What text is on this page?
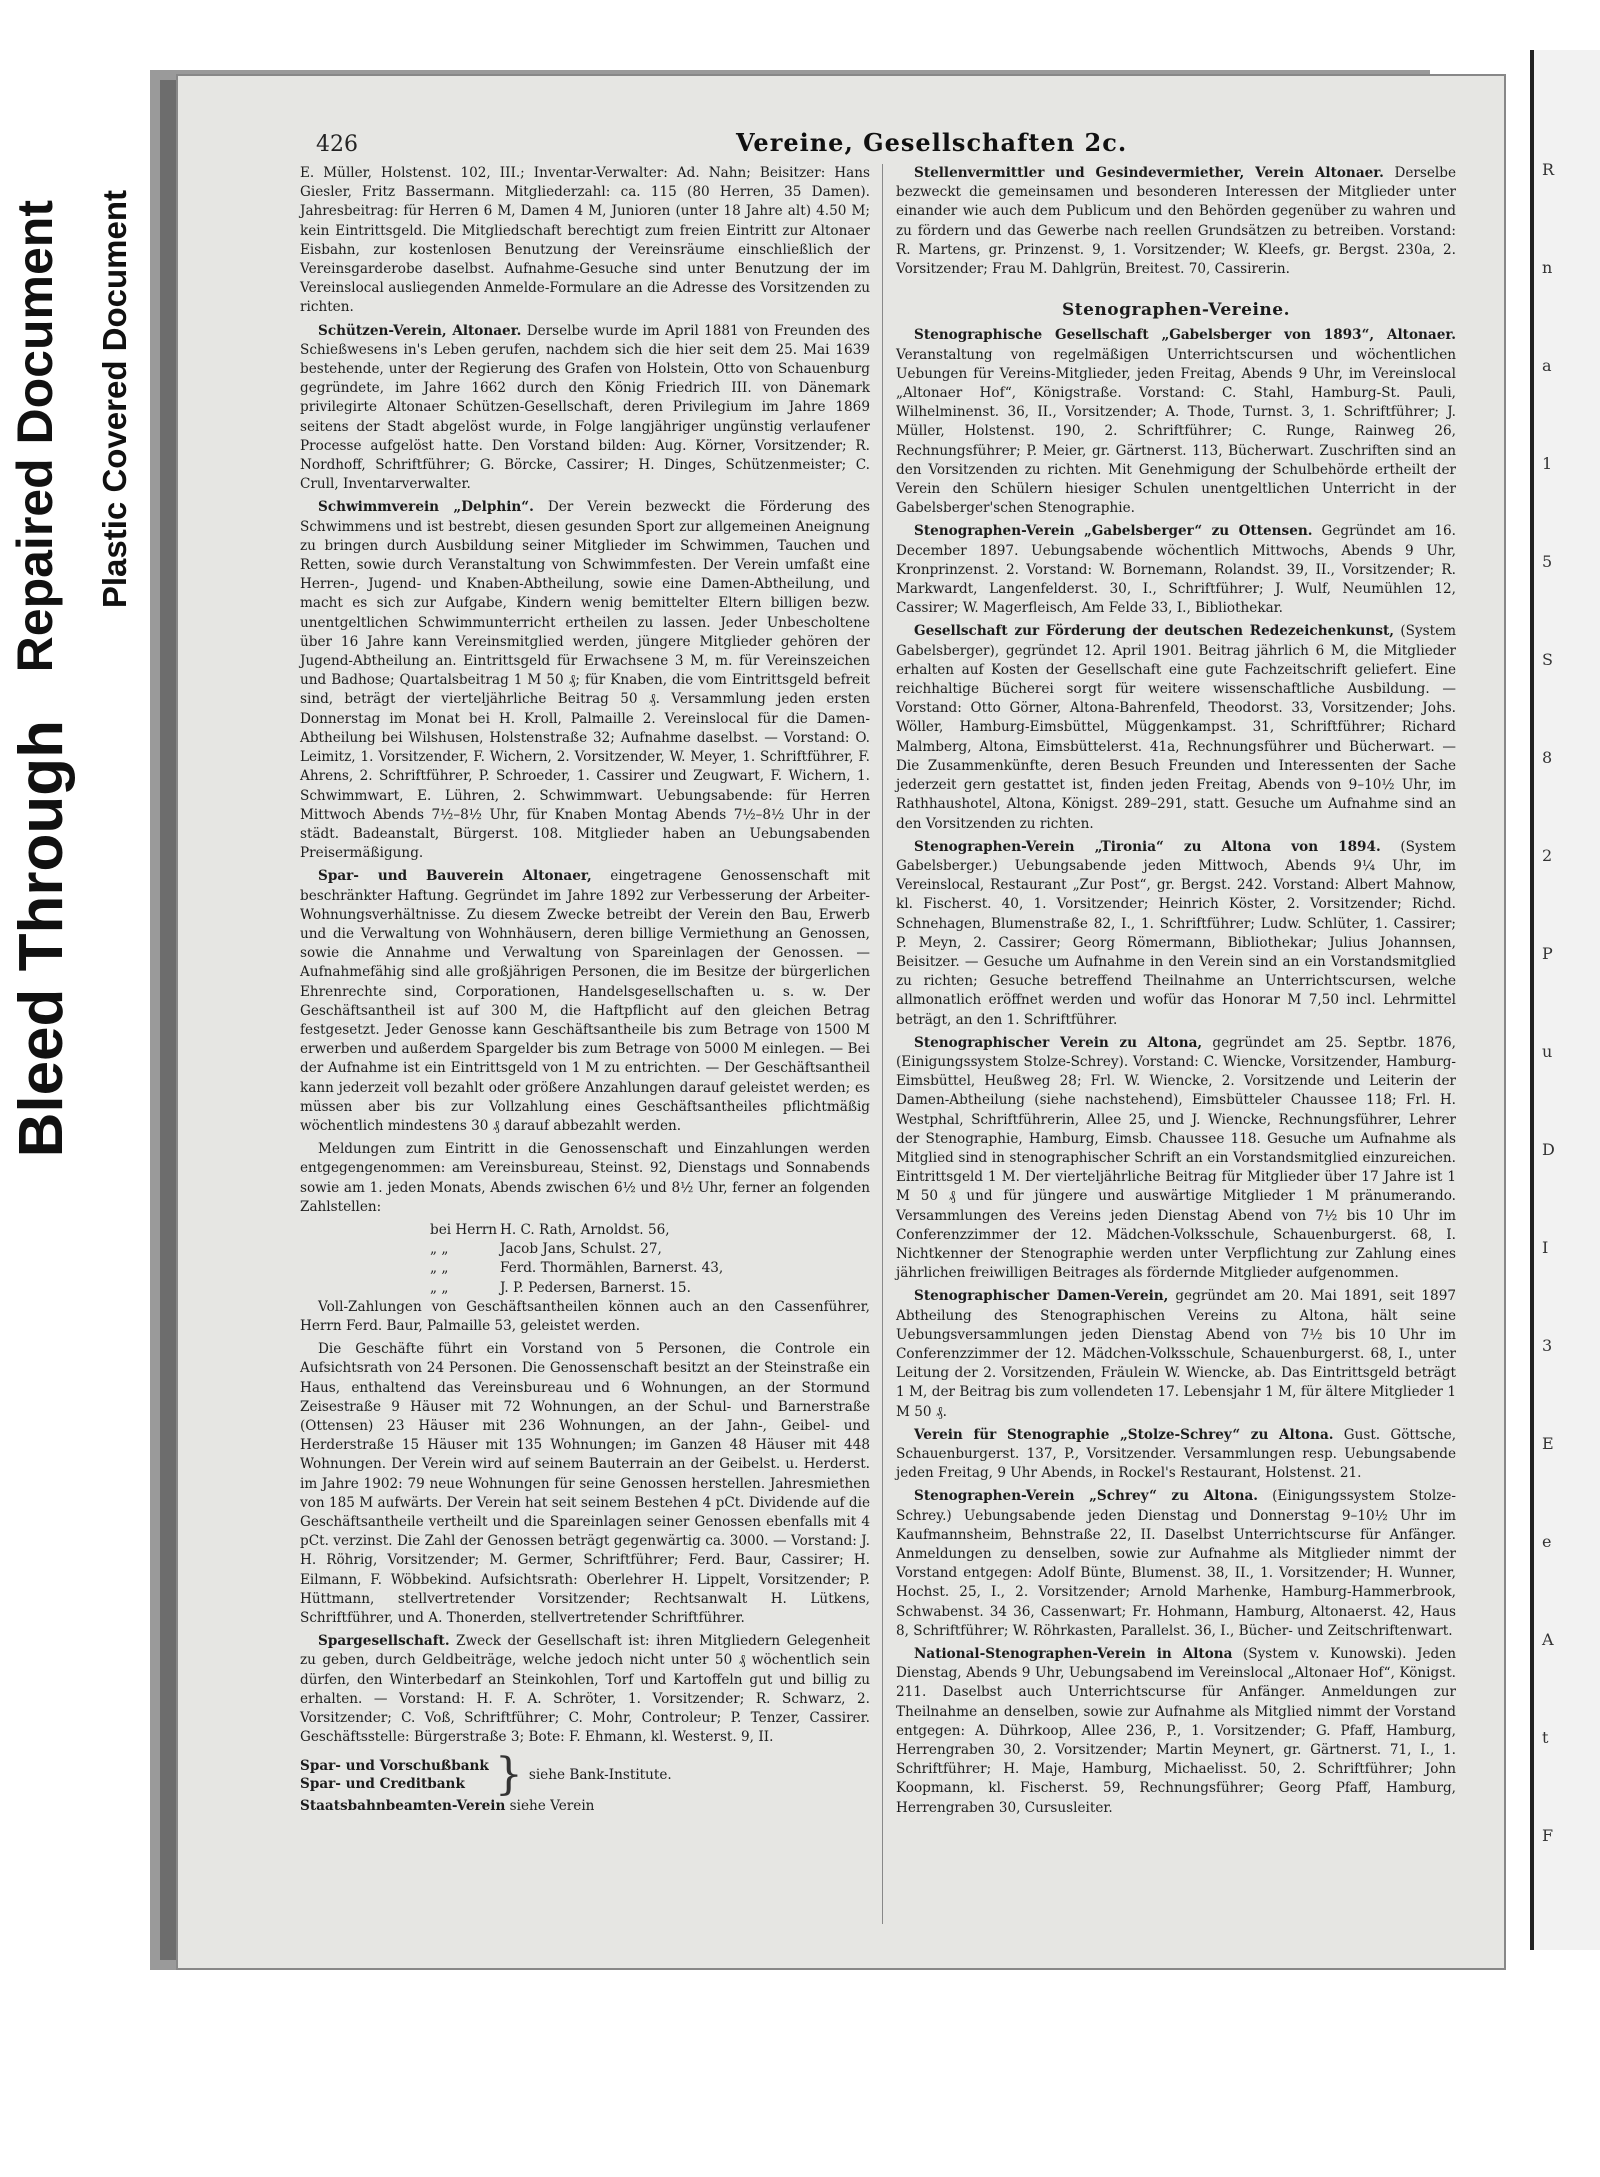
Bleed Through
Repaired Document Plastic Covered Document
R
n
a
1
5
S
8
2
P
u
D
I
3
E
e
A
t
F
426	Vereine, Gesellschaften 2c.

E. Müller, Holstenst. 102, III.; Inventar-Verwalter: Ad. Nahn; Beisitzer: Hans Giesler, Fritz Bassermann. Mitgliederzahl: ca. 115 (80 Herren, 35 Damen). Jahresbeitrag: für Herren 6 M, Damen 4 M, Junioren (unter 18 Jahre alt) 4.50 M; kein Eintrittsgeld. Die Mitgliedschaft berechtigt zum freien Eintritt zur Altonaer Eisbahn, zur kostenlosen Benutzung der Vereinsräume einschließlich der Vereinsgarderobe daselbst. Aufnahme-Gesuche sind unter Benutzung der im Vereinslocal ausliegenden Anmelde-Formulare an die Adresse des Vorsitzenden zu richten.

Schützen-Verein, Altonaer. Derselbe wurde im April 1881 von Freunden des Schießwesens in's Leben gerufen, nachdem sich die hier seit dem 25. Mai 1639 bestehende, unter der Regierung des Grafen von Holstein, Otto von Schauenburg gegründete, im Jahre 1662 durch den König Friedrich III. von Dänemark privilegirte Altonaer Schützen-Gesellschaft, deren Privilegium im Jahre 1869 seitens der Stadt abgelöst wurde, in Folge langjähriger ungünstig verlaufener Processe aufgelöst hatte. Den Vorstand bilden: Aug. Körner, Vorsitzender; R. Nordhoff, Schriftführer; G. Börcke, Cassirer; H. Dinges, Schützenmeister; C. Crull, Inventarverwalter.

Schwimmverein „Delphin“. Der Verein bezweckt die Förderung des Schwimmens und ist bestrebt, diesen gesunden Sport zur allgemeinen Aneignung zu bringen durch Ausbildung seiner Mitglieder im Schwimmen, Tauchen und Retten, sowie durch Veranstaltung von Schwimmfesten. Der Verein umfaßt eine Herren-, Jugend- und Knaben-Abtheilung, sowie eine Damen-Abtheilung, und macht es sich zur Aufgabe, Kindern wenig bemittelter Eltern billigen bezw. unentgeltlichen Schwimmunterricht ertheilen zu lassen. Jeder Unbescholtene über 16 Jahre kann Vereinsmitglied werden, jüngere Mitglieder gehören der Jugend-Abtheilung an. Eintrittsgeld für Erwachsene 3 M, m. für Vereinszeichen und Badhose; Quartalsbeitrag 1 M 50 ₰; für Knaben, die vom Eintrittsgeld befreit sind, beträgt der vierteljährliche Beitrag 50 ₰. Versammlung jeden ersten Donnerstag im Monat bei H. Kroll, Palmaille 2. Vereinslocal für die Damen-Abtheilung bei Wilshusen, Holstenstraße 32; Aufnahme daselbst. — Vorstand: O. Leimitz, 1. Vorsitzender, F. Wichern, 2. Vorsitzender, W. Meyer, 1. Schriftführer, F. Ahrens, 2. Schriftführer, P. Schroeder, 1. Cassirer und Zeugwart, F. Wichern, 1. Schwimmwart, E. Lühren, 2. Schwimmwart. Uebungsabende: für Herren Mittwoch Abends 7½–8½ Uhr, für Knaben Montag Abends 7½–8½ Uhr in der städt. Badeanstalt, Bürgerst. 108. Mitglieder haben an Uebungsabenden Preisermäßigung.

Spar- und Bauverein Altonaer, eingetragene Genossenschaft mit beschränkter Haftung. Gegründet im Jahre 1892 zur Verbesserung der Arbeiter-Wohnungsverhältnisse. Zu diesem Zwecke betreibt der Verein den Bau, Erwerb und die Verwaltung von Wohnhäusern, deren billige Vermiethung an Genossen, sowie die Annahme und Verwaltung von Spareinlagen der Genossen. — Aufnahmefähig sind alle großjährigen Personen, die im Besitze der bürgerlichen Ehrenrechte sind, Corporationen, Handelsgesellschaften u. s. w. Der Geschäftsantheil ist auf 300 M, die Haftpflicht auf den gleichen Betrag festgesetzt. Jeder Genosse kann Geschäftsantheile bis zum Betrage von 1500 M erwerben und außerdem Spargelder bis zum Betrage von 5000 M einlegen. — Bei der Aufnahme ist ein Eintrittsgeld von 1 M zu entrichten. — Der Geschäftsantheil kann jederzeit voll bezahlt oder größere Anzahlungen darauf geleistet werden; es müssen aber bis zur Vollzahlung eines Geschäftsantheiles pflichtmäßig wöchentlich mindestens 30 ₰ darauf abbezahlt werden.

Meldungen zum Eintritt in die Genossenschaft und Einzahlungen werden entgegengenommen: am Vereinsbureau, Steinst. 92, Dienstags und Sonnabends sowie am 1. jeden Monats, Abends zwischen 6½ und 8½ Uhr, ferner an folgenden Zahlstellen:

bei Herrn H. C. Rath, Arnoldst. 56,
„ „	Jacob Jans, Schulst. 27,
„ „	Ferd. Thormählen, Barnerst. 43,
„ „	J. P. Pedersen, Barnerst. 15.

Voll-Zahlungen von Geschäftsantheilen können auch an den Cassenführer, Herrn Ferd. Baur, Palmaille 53, geleistet werden.

Die Geschäfte führt ein Vorstand von 5 Personen, die Controle ein Aufsichtsrath von 24 Personen. Die Genossenschaft besitzt an der Steinstraße ein Haus, enthaltend das Vereinsbureau und 6 Wohnungen, an der Stormund Zeisestraße 9 Häuser mit 72 Wohnungen, an der Schul- und Barnerstraße (Ottensen) 23 Häuser mit 236 Wohnungen, an der Jahn-, Geibel- und Herderstraße 15 Häuser mit 135 Wohnungen; im Ganzen 48 Häuser mit 448 Wohnungen. Der Verein wird auf seinem Bauterrain an der Geibelst. u. Herderst. im Jahre 1902: 79 neue Wohnungen für seine Genossen herstellen. Jahresmiethen von 185 M aufwärts. Der Verein hat seit seinem Bestehen 4 pCt. Dividende auf die Geschäftsantheile vertheilt und die Spareinlagen seiner Genossen ebenfalls mit 4 pCt. verzinst. Die Zahl der Genossen beträgt gegenwärtig ca. 3000. — Vorstand: J. H. Röhrig, Vorsitzender; M. Germer, Schriftführer; Ferd. Baur, Cassirer; H. Eilmann, F. Wöbbekind. Aufsichtsrath: Oberlehrer H. Lippelt, Vorsitzender; P. Hüttmann, stellvertretender Vorsitzender; Rechtsanwalt H. Lütkens, Schriftführer, und A. Thonerden, stellvertretender Schriftführer.

Spargesellschaft. Zweck der Gesellschaft ist: ihren Mitgliedern Gelegenheit zu geben, durch Geldbeiträge, welche jedoch nicht unter 50 ₰ wöchentlich sein dürfen, den Winterbedarf an Steinkohlen, Torf und Kartoffeln gut und billig zu erhalten. — Vorstand: H. F. A. Schröter, 1. Vorsitzender; R. Schwarz, 2. Vorsitzender; C. Voß, Schriftführer; C. Mohr, Controleur; P. Tenzer, Cassirer. Geschäftsstelle: Bürgerstraße 3; Bote: F. Ehmann, kl. Westerst. 9, II.

Spar- und Vorschußbank
Spar- und Creditbank } siehe Bank-Institute.

Staatsbahnbeamten-Verein siehe Verein

Stellenvermittler und Gesindevermiether, Verein Altonaer. Derselbe bezweckt die gemeinsamen und besonderen Interessen der Mitglieder unter einander wie auch dem Publicum und den Behörden gegenüber zu wahren und zu fördern und das Gewerbe nach reellen Grundsätzen zu betreiben. Vorstand: R. Martens, gr. Prinzenst. 9, 1. Vorsitzender; W. Kleefs, gr. Bergst. 230a, 2. Vorsitzender; Frau M. Dahlgrün, Breitest. 70, Cassirerin.

Stenographen-Vereine.

Stenographische Gesellschaft „Gabelsberger von 1893“, Altonaer. Veranstaltung von regelmäßigen Unterrichtscursen und wöchentlichen Uebungen für Vereins-Mitglieder, jeden Freitag, Abends 9 Uhr, im Vereinslocal „Altonaer Hof“, Königstraße. Vorstand: C. Stahl, Hamburg-St. Pauli, Wilhelminenst. 36, II., Vorsitzender; A. Thode, Turnst. 3, 1. Schriftführer; J. Müller, Holstenst. 190, 2. Schriftführer; C. Runge, Rainweg 26, Rechnungsführer; P. Meier, gr. Gärtnerst. 113, Bücherwart. Zuschriften sind an den Vorsitzenden zu richten. Mit Genehmigung der Schulbehörde ertheilt der Verein den Schülern hiesiger Schulen unentgeltlichen Unterricht in der Gabelsberger'schen Stenographie.

Stenographen-Verein „Gabelsberger“ zu Ottensen. Gegründet am 16. December 1897. Uebungsabende wöchentlich Mittwochs, Abends 9 Uhr, Kronprinzenst. 2. Vorstand: W. Bornemann, Rolandst. 39, II., Vorsitzender; R. Markwardt, Langenfelderst. 30, I., Schriftführer; J. Wulf, Neumühlen 12, Cassirer; W. Magerfleisch, Am Felde 33, I., Bibliothekar.

Gesellschaft zur Förderung der deutschen Redezeichenkunst, (System Gabelsberger), gegründet 12. April 1901. Beitrag jährlich 6 M, die Mitglieder erhalten auf Kosten der Gesellschaft eine gute Fachzeitschrift geliefert. Eine reichhaltige Bücherei sorgt für weitere wissenschaftliche Ausbildung. — Vorstand: Otto Görner, Altona-Bahrenfeld, Theodorst. 33, Vorsitzender; Johs. Wöller, Hamburg-Eimsbüttel, Müggenkampst. 31, Schriftführer; Richard Malmberg, Altona, Eimsbüttelerst. 41a, Rechnungsführer und Bücherwart. — Die Zusammenkünfte, deren Besuch Freunden und Interessenten der Sache jederzeit gern gestattet ist, finden jeden Freitag, Abends von 9–10½ Uhr, im Rathhaushotel, Altona, Königst. 289–291, statt. Gesuche um Aufnahme sind an den Vorsitzenden zu richten.

Stenographen-Verein „Tironia“ zu Altona von 1894. (System Gabelsberger.) Uebungsabende jeden Mittwoch, Abends 9¼ Uhr, im Vereinslocal, Restaurant „Zur Post“, gr. Bergst. 242. Vorstand: Albert Mahnow, kl. Fischerst. 40, 1. Vorsitzender; Heinrich Köster, 2. Vorsitzender; Richd. Schnehagen, Blumenstraße 82, I., 1. Schriftführer; Ludw. Schlüter, 1. Cassirer; P. Meyn, 2. Cassirer; Georg Römermann, Bibliothekar; Julius Johannsen, Beisitzer. — Gesuche um Aufnahme in den Verein sind an ein Vorstandsmitglied zu richten; Gesuche betreffend Theilnahme an Unterrichtscursen, welche allmonatlich eröffnet werden und wofür das Honorar M 7,50 incl. Lehrmittel beträgt, an den 1. Schriftführer.

Stenographischer Verein zu Altona, gegründet am 25. Septbr. 1876, (Einigungssystem Stolze-Schrey). Vorstand: C. Wiencke, Vorsitzender, Hamburg-Eimsbüttel, Heußweg 28; Frl. W. Wiencke, 2. Vorsitzende und Leiterin der Damen-Abtheilung (siehe nachstehend), Eimsbütteler Chaussee 118; Frl. H. Westphal, Schriftführerin, Allee 25, und J. Wiencke, Rechnungsführer, Lehrer der Stenographie, Hamburg, Eimsb. Chaussee 118. Gesuche um Aufnahme als Mitglied sind in stenographischer Schrift an ein Vorstandsmitglied einzureichen. Eintrittsgeld 1 M. Der vierteljährliche Beitrag für Mitglieder über 17 Jahre ist 1 M 50 ₰ und für jüngere und auswärtige Mitglieder 1 M pränumerando. Versammlungen des Vereins jeden Dienstag Abend von 7½ bis 10 Uhr im Conferenzzimmer der 12. Mädchen-Volksschule, Schauenburgerst. 68, I. Nichtkenner der Stenographie werden unter Verpflichtung zur Zahlung eines jährlichen freiwilligen Beitrages als fördernde Mitglieder aufgenommen.

Stenographischer Damen-Verein, gegründet am 20. Mai 1891, seit 1897 Abtheilung des Stenographischen Vereins zu Altona, hält seine Uebungsversammlungen jeden Dienstag Abend von 7½ bis 10 Uhr im Conferenzzimmer der 12. Mädchen-Volksschule, Schauenburgerst. 68, I., unter Leitung der 2. Vorsitzenden, Fräulein W. Wiencke, ab. Das Eintrittsgeld beträgt 1 M, der Beitrag bis zum vollendeten 17. Lebensjahr 1 M, für ältere Mitglieder 1 M 50 ₰.

Verein für Stenographie „Stolze-Schrey“ zu Altona. Gust. Göttsche, Schauenburgerst. 137, P., Vorsitzender. Versammlungen resp. Uebungsabende jeden Freitag, 9 Uhr Abends, in Rockel's Restaurant, Holstenst. 21.

Stenographen-Verein „Schrey“ zu Altona. (Einigungssystem Stolze-Schrey.) Uebungsabende jeden Dienstag und Donnerstag 9–10½ Uhr im Kaufmannsheim, Behnstraße 22, II. Daselbst Unterrichtscurse für Anfänger. Anmeldungen zu denselben, sowie zur Aufnahme als Mitglieder nimmt der Vorstand entgegen: Adolf Bünte, Blumenst. 38, II., 1. Vorsitzender; H. Wunner, Hochst. 25, I., 2. Vorsitzender; Arnold Marhenke, Hamburg-Hammerbrook, Schwabenst. 34 36, Cassenwart; Fr. Hohmann, Hamburg, Altonaerst. 42, Haus 8, Schriftführer; W. Röhrkasten, Parallelst. 36, I., Bücher- und Zeitschriftenwart.

National-Stenographen-Verein in Altona (System v. Kunowski). Jeden Dienstag, Abends 9 Uhr, Uebungsabend im Vereinslocal „Altonaer Hof“, Königst. 211. Daselbst auch Unterrichtscurse für Anfänger. Anmeldungen zur Theilnahme an denselben, sowie zur Aufnahme als Mitglied nimmt der Vorstand entgegen: A. Dührkoop, Allee 236, P., 1. Vorsitzender; G. Pfaff, Hamburg, Herrengraben 30, 2. Vorsitzender; Martin Meynert, gr. Gärtnerst. 71, I., 1. Schriftführer; H. Maje, Hamburg, Michaelisst. 50, 2. Schriftführer; John Koopmann, kl. Fischerst. 59, Rechnungsführer; Georg Pfaff, Hamburg, Herrengraben 30, Cursusleiter.
